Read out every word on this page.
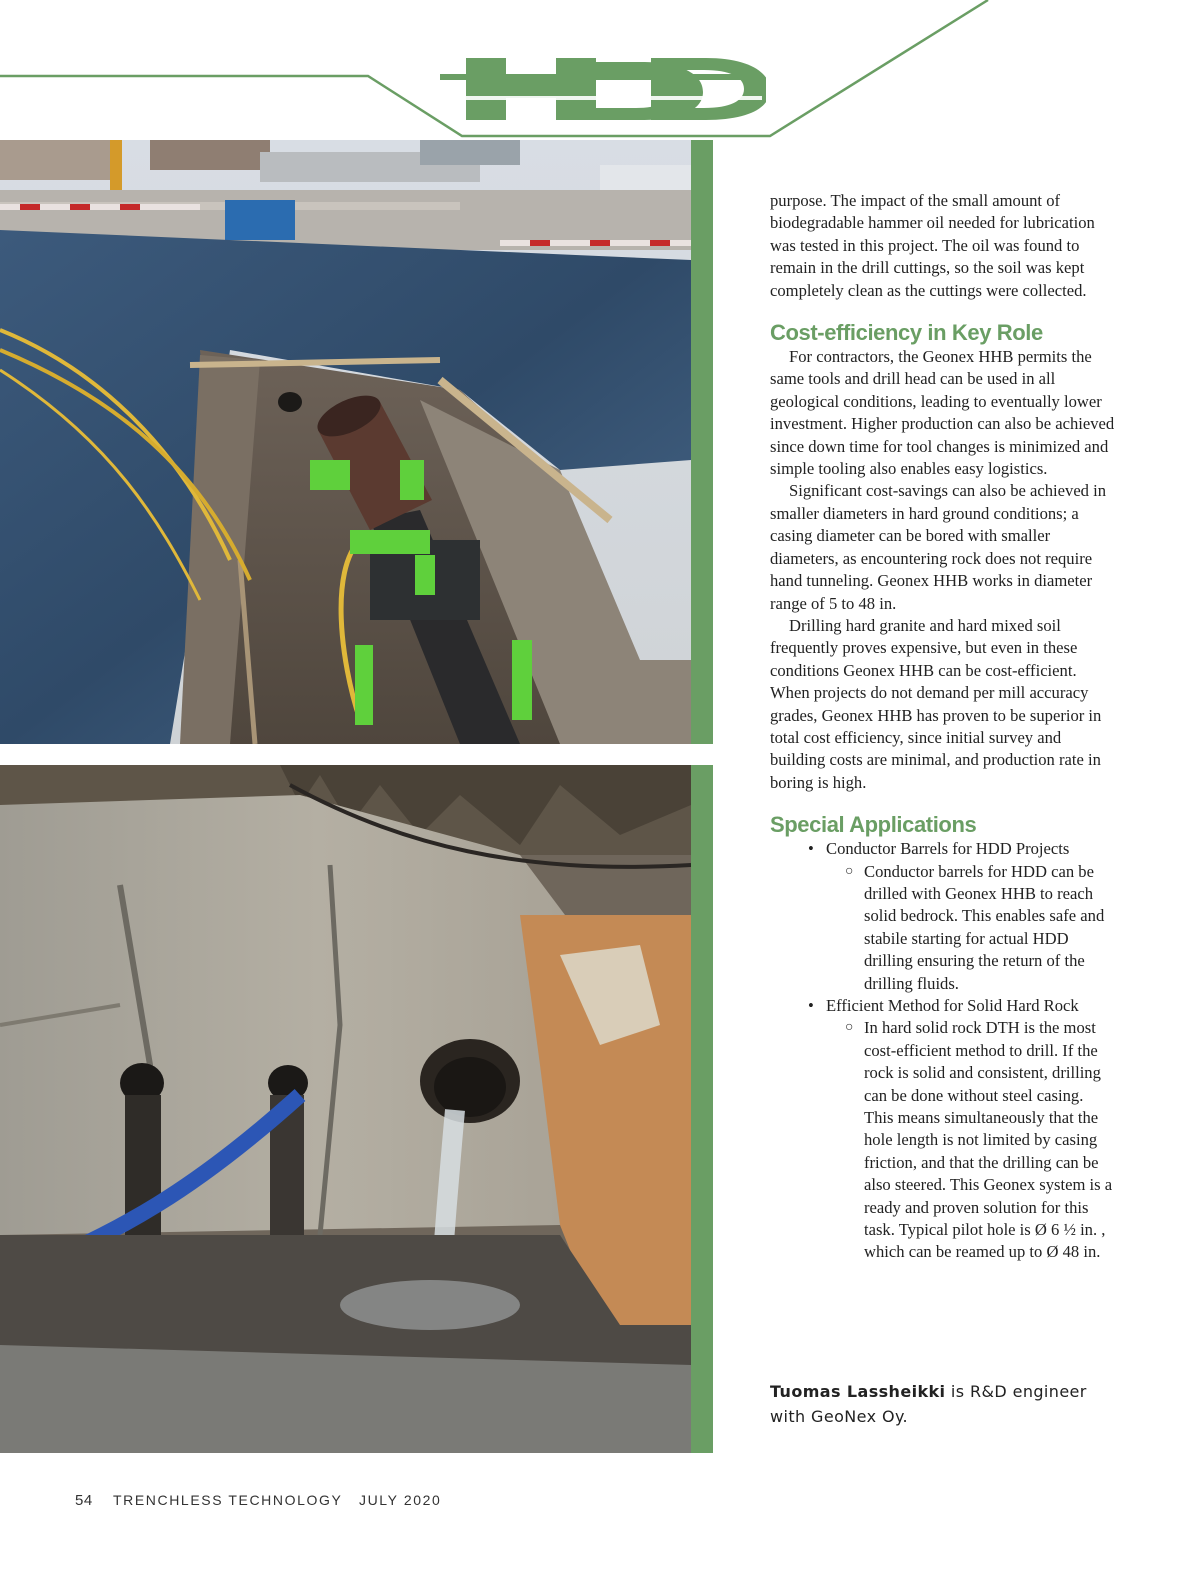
HDD

purpose. The impact of the small amount of biodegradable hammer oil needed for lubrication was tested in this project. The oil was found to remain in the drill cuttings, so the soil was kept completely clean as the cuttings were collected.

Cost-efficiency in Key Role

For contractors, the Geonex HHB permits the same tools and drill head can be used in all geological conditions, leading to eventually lower investment. Higher production can also be achieved since down time for tool changes is minimized and simple tooling also enables easy logistics.

Significant cost-savings can also be achieved in smaller diameters in hard ground conditions; a casing diameter can be bored with smaller diameters, as encountering rock does not require hand tunneling. Geonex HHB works in diameter range of 5 to 48 in.

Drilling hard granite and hard mixed soil frequently proves expensive, but even in these conditions Geonex HHB can be cost-efficient. When projects do not demand per mill accuracy grades, Geonex HHB has proven to be superior in total cost efficiency, since initial survey and building costs are minimal, and production rate in boring is high.

Special Applications
• Conductor Barrels for HDD Projects
○ Conductor barrels for HDD can be drilled with Geonex HHB to reach solid bedrock. This enables safe and stabile starting for actual HDD drilling ensuring the return of the drilling fluids.
• Efficient Method for Solid Hard Rock
○ In hard solid rock DTH is the most cost-efficient method to drill. If the rock is solid and consistent, drilling can be done without steel casing. This means simultaneously that the hole length is not limited by casing friction, and that the drilling can be also steered. This Geonex system is a ready and proven solution for this task. Typical pilot hole is Ø 6 ½ in. , which can be reamed up to Ø 48 in.
Tuomas Lassheikki is R&D engineer with GeoNex Oy.
54 TRENCHLESS TECHNOLOGY JULY 2020
